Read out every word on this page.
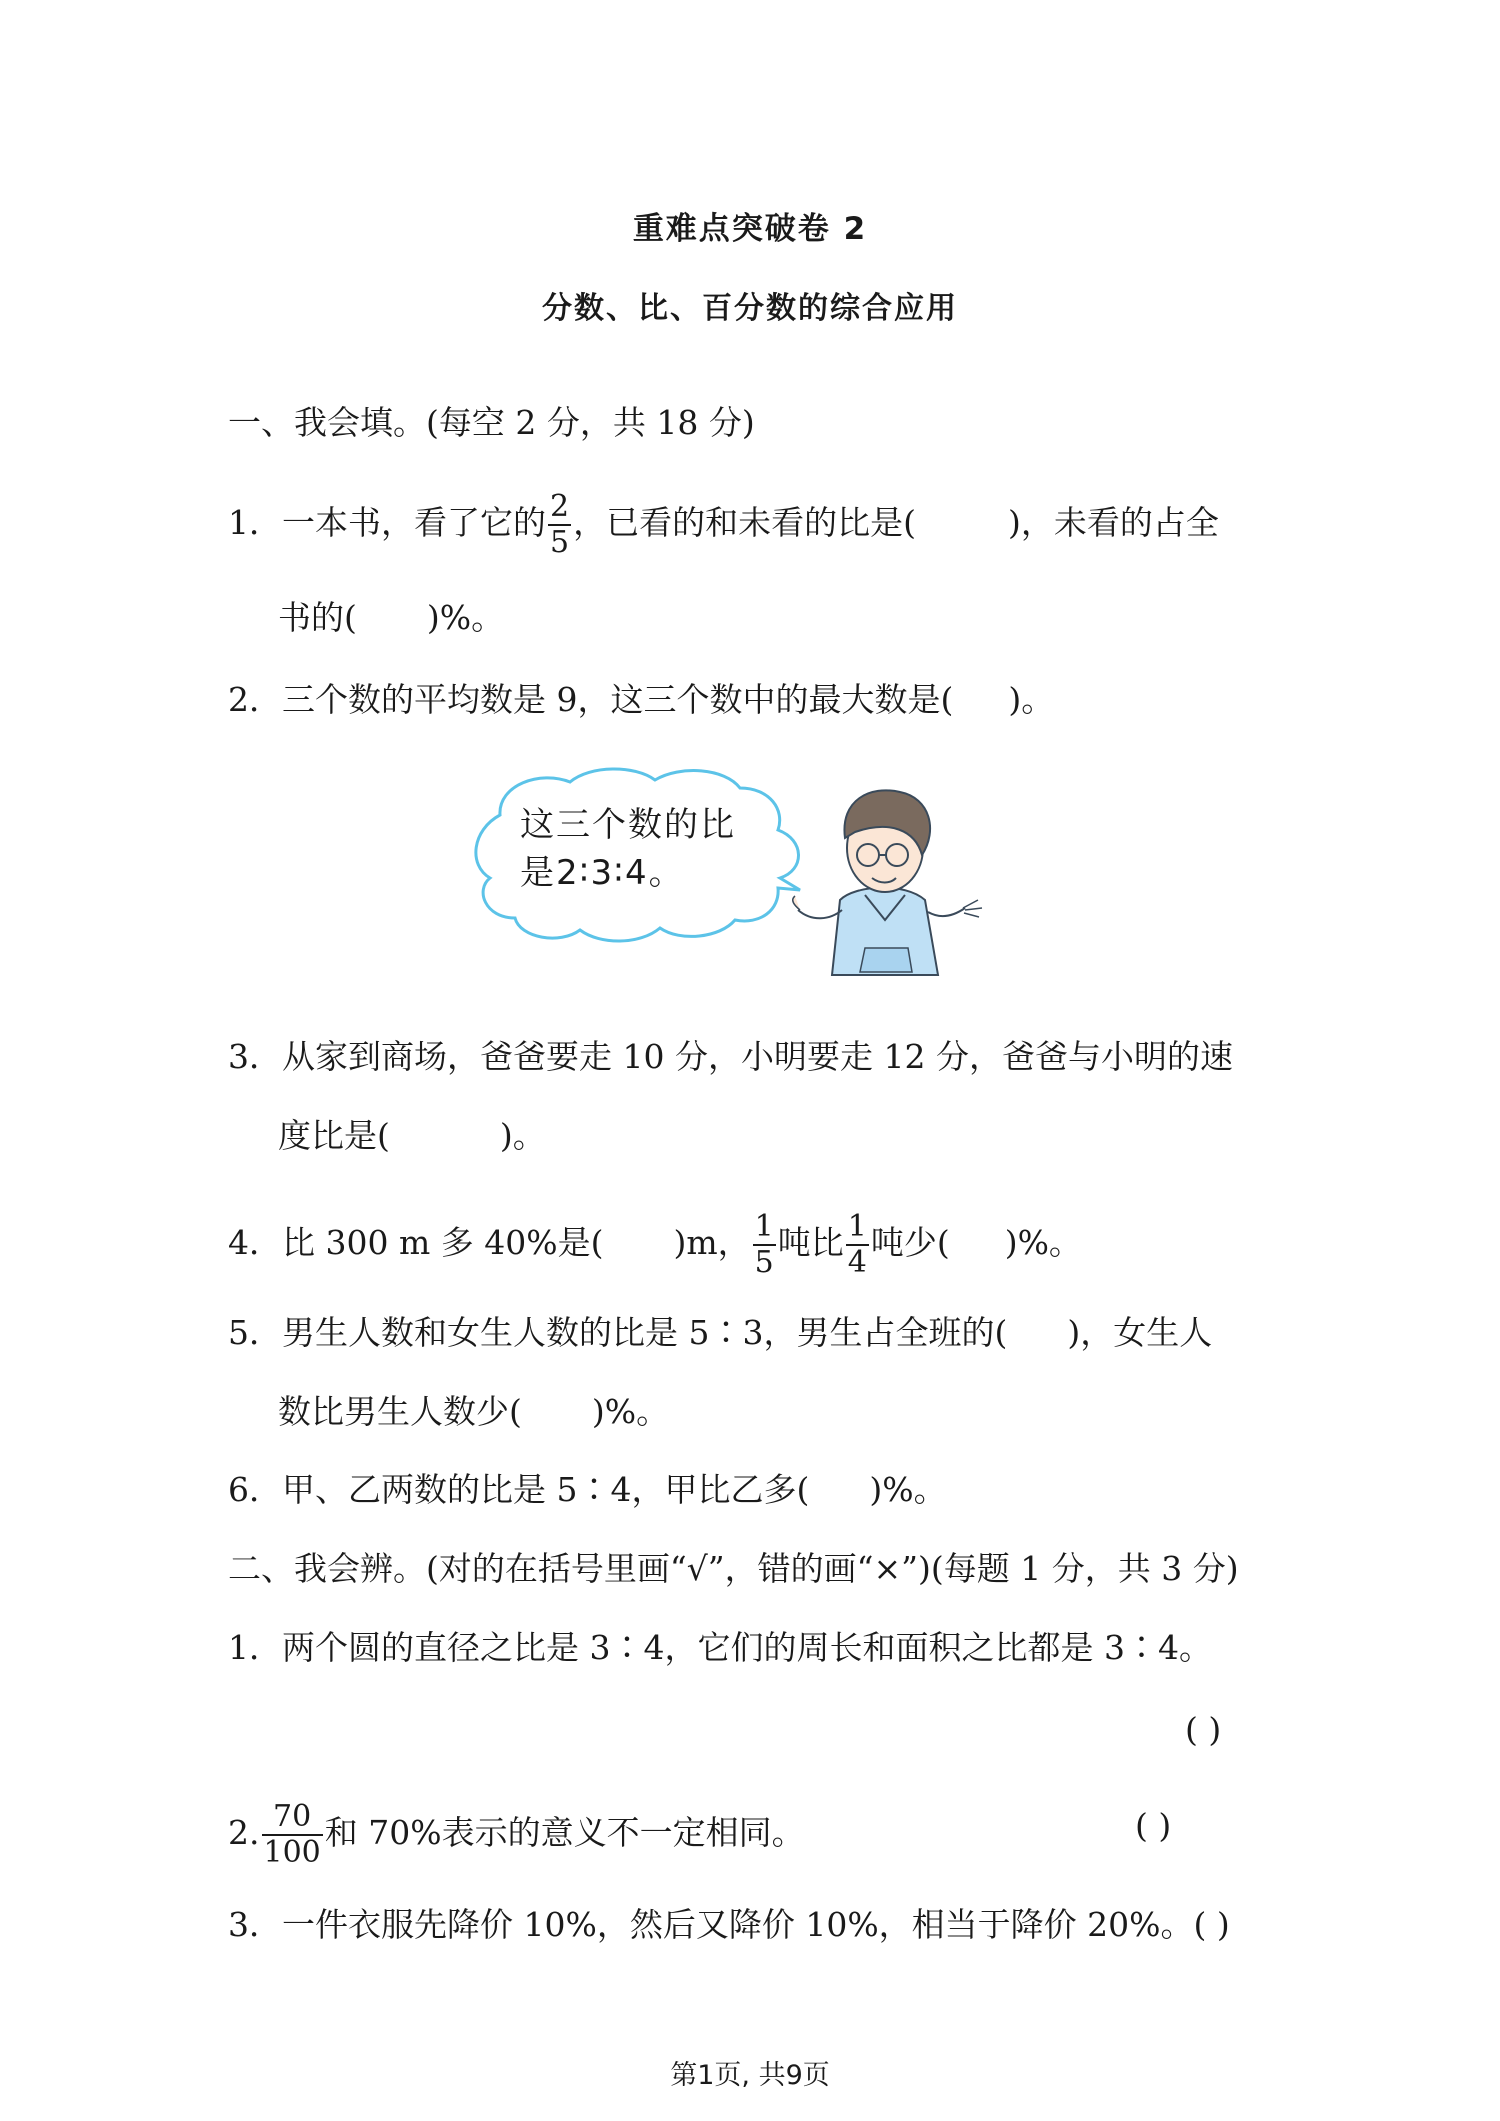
重难点突破卷 2
分数、比、百分数的综合应用
一、我会填。(每空 2 分，共 18 分)
1．一本书，看了它的 $\frac{2}{5}$ ，已看的和未看的比是(	)，未看的占全
书的( )%。
2．三个数的平均数是 9，这三个数中的最大数是( )。
这三个数的比
是2∶3∶4。
3．从家到商场，爸爸要走 10 分，小明要走 12 分，爸爸与小明的速
度比是(	)。
4．比 300 m 多 40%是( )m， $\frac{1}{5}$ 吨比 $\frac{1}{4}$ 吨少( )%。
5．男生人数和女生人数的比是 5∶3，男生占全班的( )，女生人
数比男生人数少( )%。
6．甲、乙两数的比是 5∶4，甲比乙多( )%。
二、我会辨。(对的在括号里画“√”，错的画“×”)(每题 1 分，共 3 分)
1．两个圆的直径之比是 3∶4，它们的周长和面积之比都是 3∶4。
( )
2. $\frac{70}{100}$ 和 70%表示的意义不一定相同。	( )
3．一件衣服先降价 10%，然后又降价 10%，相当于降价 20%。( )
第1页, 共9页
